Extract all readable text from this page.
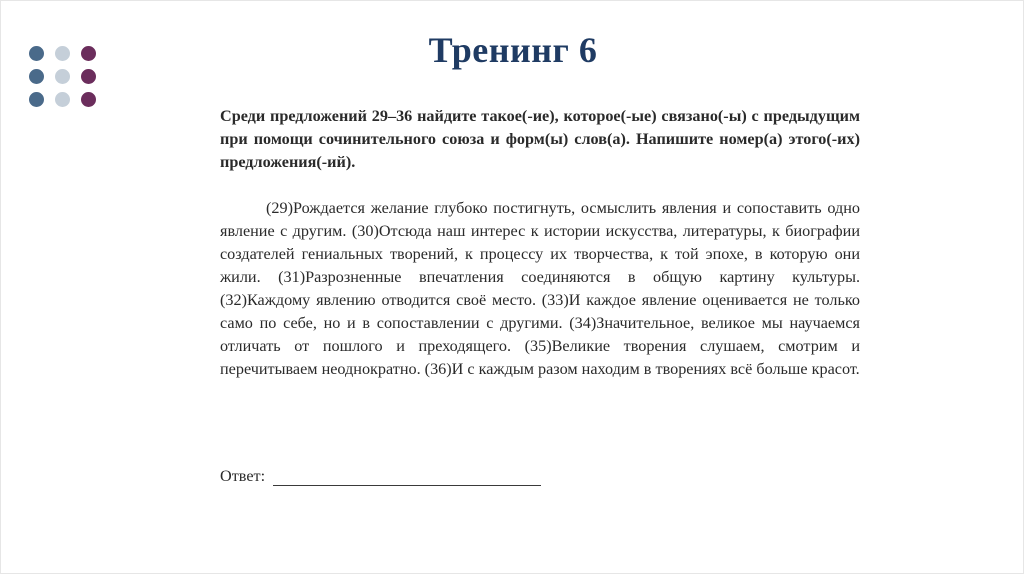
Тренинг 6

Среди предложений 29–36 найдите такое(-ие), которое(-ые) связано(-ы) с предыдущим при помощи сочинительного союза и форм(ы) слов(а). Напишите номер(а) этого(-их) предложения(-ий).

(29)Рождается желание глубоко постигнуть, осмыслить явления и сопоставить одно явление с другим. (30)Отсюда наш интерес к истории искусства, литературы, к биографии создателей гениальных творений, к процессу их творчества, к той эпохе, в которую они жили. (31)Разрозненные впечатления соединяются в общую картину культуры. (32)Каждому явлению отводится своё место. (33)И каждое явление оценивается не только само по себе, но и в сопоставлении с другими. (34)Значительное, великое мы научаемся отличать от пошлого и преходящего. (35)Великие творения слушаем, смотрим и перечитываем неоднократно. (36)И с каждым разом находим в творениях всё больше красот.

Ответ:
